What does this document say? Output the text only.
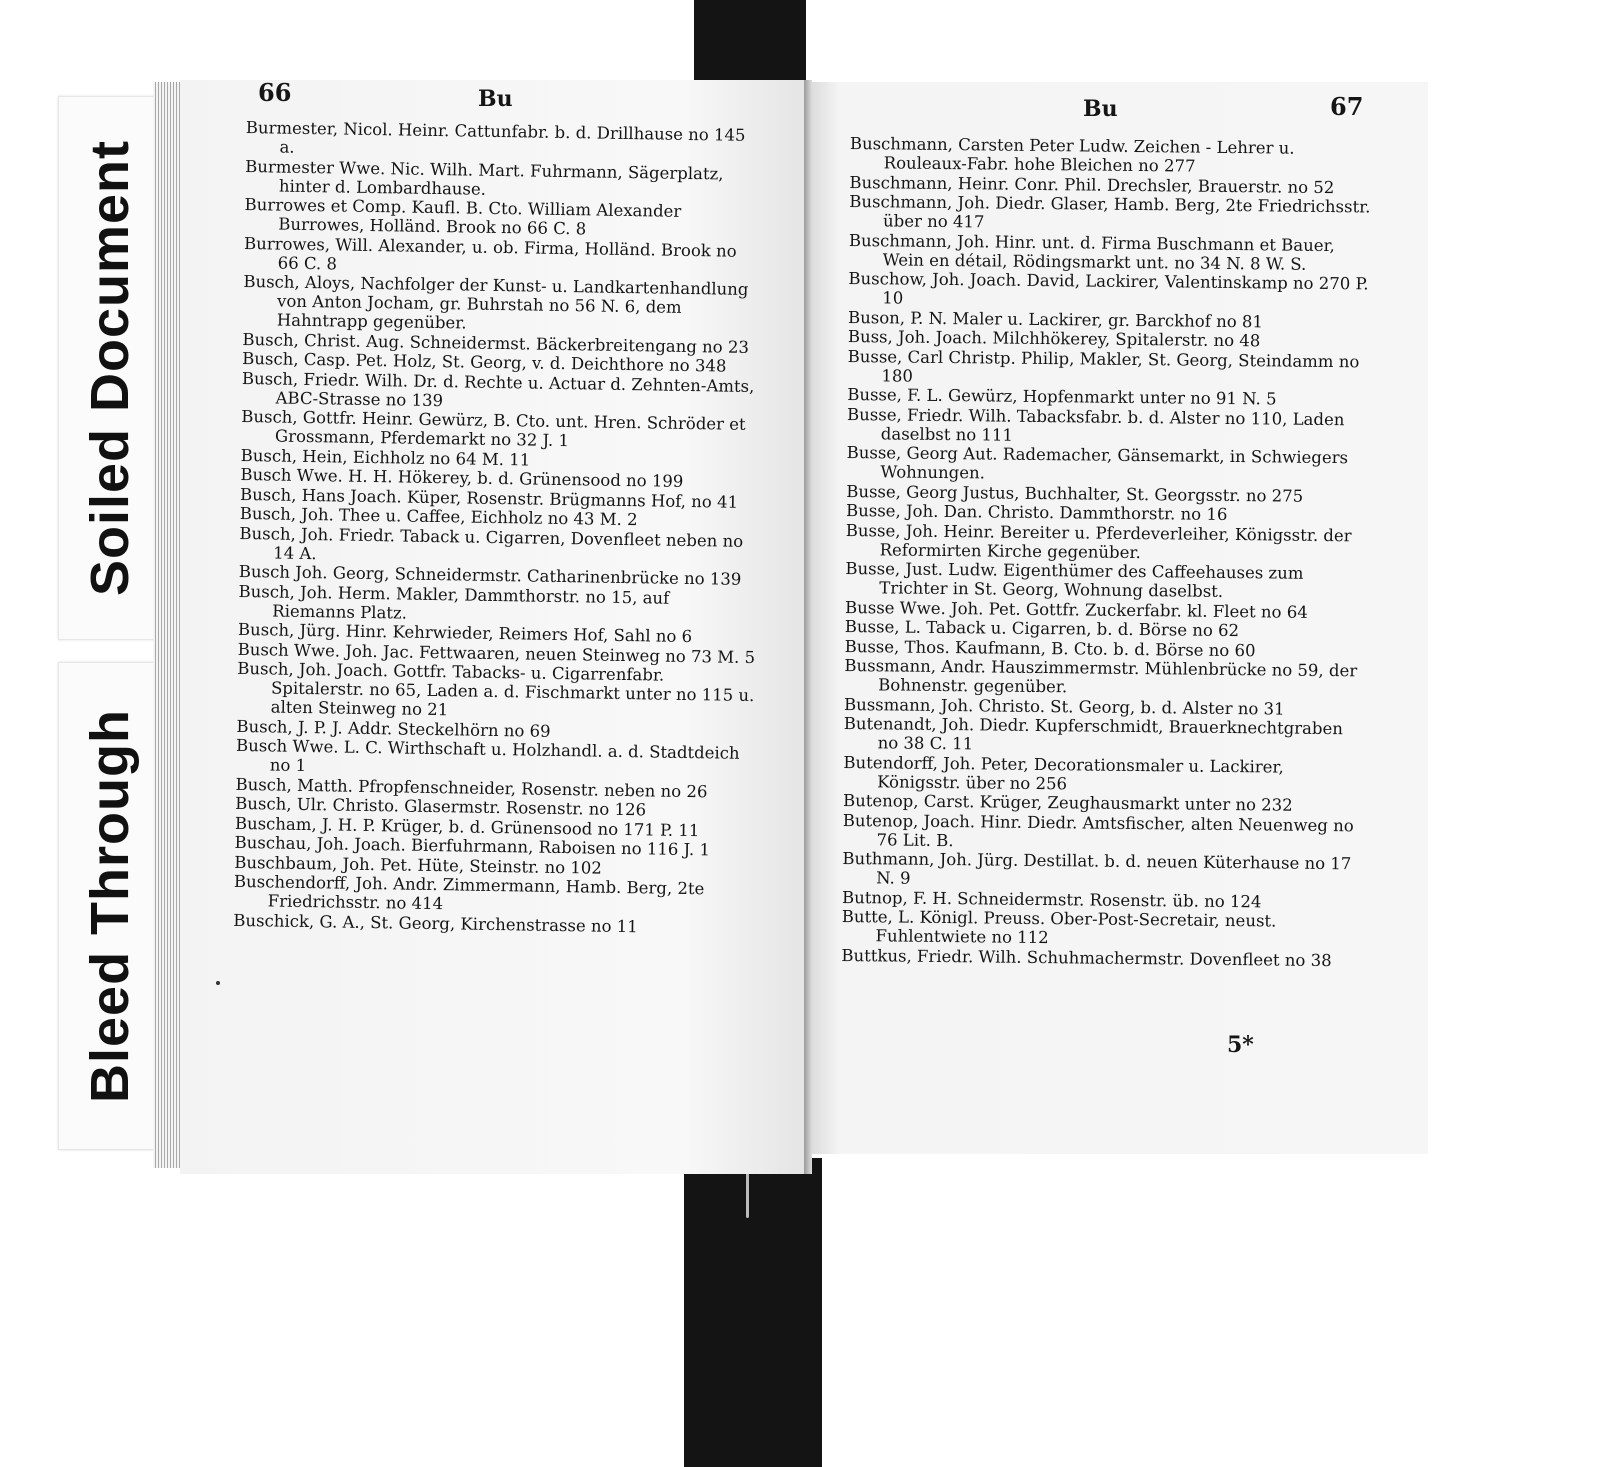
Soiled Document
Bleed Through
66	Bu	67
Bu
Burmester, Nicol. Heinr. Cattunfabr. b. d. Drillhause no 145 a.
Burmester Wwe. Nic. Wilh. Mart. Fuhrmann, Sägerplatz, hinter d. Lombardhause.
Burrowes et Comp. Kaufl. B. Cto. William Alexander Burrowes, Holländ. Brook no 66 C. 8
Burrowes, Will. Alexander, u. ob. Firma, Holländ. Brook no 66 C. 8
Busch, Aloys, Nachfolger der Kunst- u. Landkartenhandlung von Anton Jocham, gr. Buhrstah no 56 N. 6, dem Hahntrapp gegenüber.
Busch, Christ. Aug. Schneidermst. Bäckerbreitengang no 23
Busch, Casp. Pet. Holz, St. Georg, v. d. Deichthore no 348
Busch, Friedr. Wilh. Dr. d. Rechte u. Actuar d. Zehnten-Amts, ABC-Strasse no 139
Busch, Gottfr. Heinr. Gewürz, B. Cto. unt. Hren. Schröder et Grossmann, Pferdemarkt no 32 J. 1
Busch, Hein, Eichholz no 64 M. 11
Busch Wwe. H. H. Hökerey, b. d. Grünensood no 199
Busch, Hans Joach. Küper, Rosenstr. Brügmanns Hof, no 41
Busch, Joh. Thee u. Caffee, Eichholz no 43 M. 2
Busch, Joh. Friedr. Taback u. Cigarren, Dovenfleet neben no 14 A.
Busch Joh. Georg, Schneidermstr. Catharinenbrücke no 139
Busch, Joh. Herm. Makler, Dammthorstr. no 15, auf Riemanns Platz.
Busch, Jürg. Hinr. Kehrwieder, Reimers Hof, Sahl no 6
Busch Wwe. Joh. Jac. Fettwaaren, neuen Steinweg no 73 M. 5
Busch, Joh. Joach. Gottfr. Tabacks- u. Cigarrenfabr. Spitalerstr. no 65, Laden a. d. Fischmarkt unter no 115 u. alten Steinweg no 21
Busch, J. P. J. Addr. Steckelhörn no 69
Busch Wwe. L. C. Wirthschaft u. Holzhandl. a. d. Stadtdeich no 1
Busch, Matth. Pfropfenschneider, Rosenstr. neben no 26
Busch, Ulr. Christo. Glasermstr. Rosenstr. no 126
Buscham, J. H. P. Krüger, b. d. Grünensood no 171 P. 11
Buschau, Joh. Joach. Bierfuhrmann, Raboisen no 116 J. 1
Buschbaum, Joh. Pet. Hüte, Steinstr. no 102
Buschendorff, Joh. Andr. Zimmermann, Hamb. Berg, 2te Friedrichsstr. no 414
Buschick, G. A., St. Georg, Kirchenstrasse no 11
Buschmann, Carsten Peter Ludw. Zeichen - Lehrer u. Rouleaux-Fabr. hohe Bleichen no 277
Buschmann, Heinr. Conr. Phil. Drechsler, Brauerstr. no 52
Buschmann, Joh. Diedr. Glaser, Hamb. Berg, 2te Friedrichsstr. über no 417
Buschmann, Joh. Hinr. unt. d. Firma Buschmann et Bauer, Wein en détail, Rödingsmarkt unt. no 34 N. 8 W. S.
Buschow, Joh. Joach. David, Lackirer, Valentinskamp no 270 P. 10
Buson, P. N. Maler u. Lackirer, gr. Barckhof no 81
Buss, Joh. Joach. Milchhökerey, Spitalerstr. no 48
Busse, Carl Christp. Philip, Makler, St. Georg, Steindamm no 180
Busse, F. L. Gewürz, Hopfenmarkt unter no 91 N. 5
Busse, Friedr. Wilh. Tabacksfabr. b. d. Alster no 110, Laden daselbst no 111
Busse, Georg Aut. Rademacher, Gänsemarkt, in Schwiegers Wohnungen.
Busse, Georg Justus, Buchhalter, St. Georgsstr. no 275
Busse, Joh. Dan. Christo. Dammthorstr. no 16
Busse, Joh. Heinr. Bereiter u. Pferdeverleiher, Königsstr. der Reformirten Kirche gegenüber.
Busse, Just. Ludw. Eigenthümer des Caffeehauses zum Trichter in St. Georg, Wohnung daselbst.
Busse Wwe. Joh. Pet. Gottfr. Zuckerfabr. kl. Fleet no 64
Busse, L. Taback u. Cigarren, b. d. Börse no 62
Busse, Thos. Kaufmann, B. Cto. b. d. Börse no 60
Bussmann, Andr. Hauszimmermstr. Mühlenbrücke no 59, der Bohnenstr. gegenüber.
Bussmann, Joh. Christo. St. Georg, b. d. Alster no 31
Butenandt, Joh. Diedr. Kupferschmidt, Brauerknechtgraben no 38 C. 11
Butendorff, Joh. Peter, Decorationsmaler u. Lackirer, Königsstr. über no 256
Butenop, Carst. Krüger, Zeughausmarkt unter no 232
Butenop, Joach. Hinr. Diedr. Amtsfischer, alten Neuenweg no 76 Lit. B.
Buthmann, Joh. Jürg. Destillat. b. d. neuen Küterhause no 17 N. 9
Butnop, F. H. Schneidermstr. Rosenstr. üb. no 124
Butte, L. Königl. Preuss. Ober-Post-Secretair, neust. Fuhlentwiete no 112
Buttkus, Friedr. Wilh. Schuhmachermstr. Dovenfleet no 38
5*
